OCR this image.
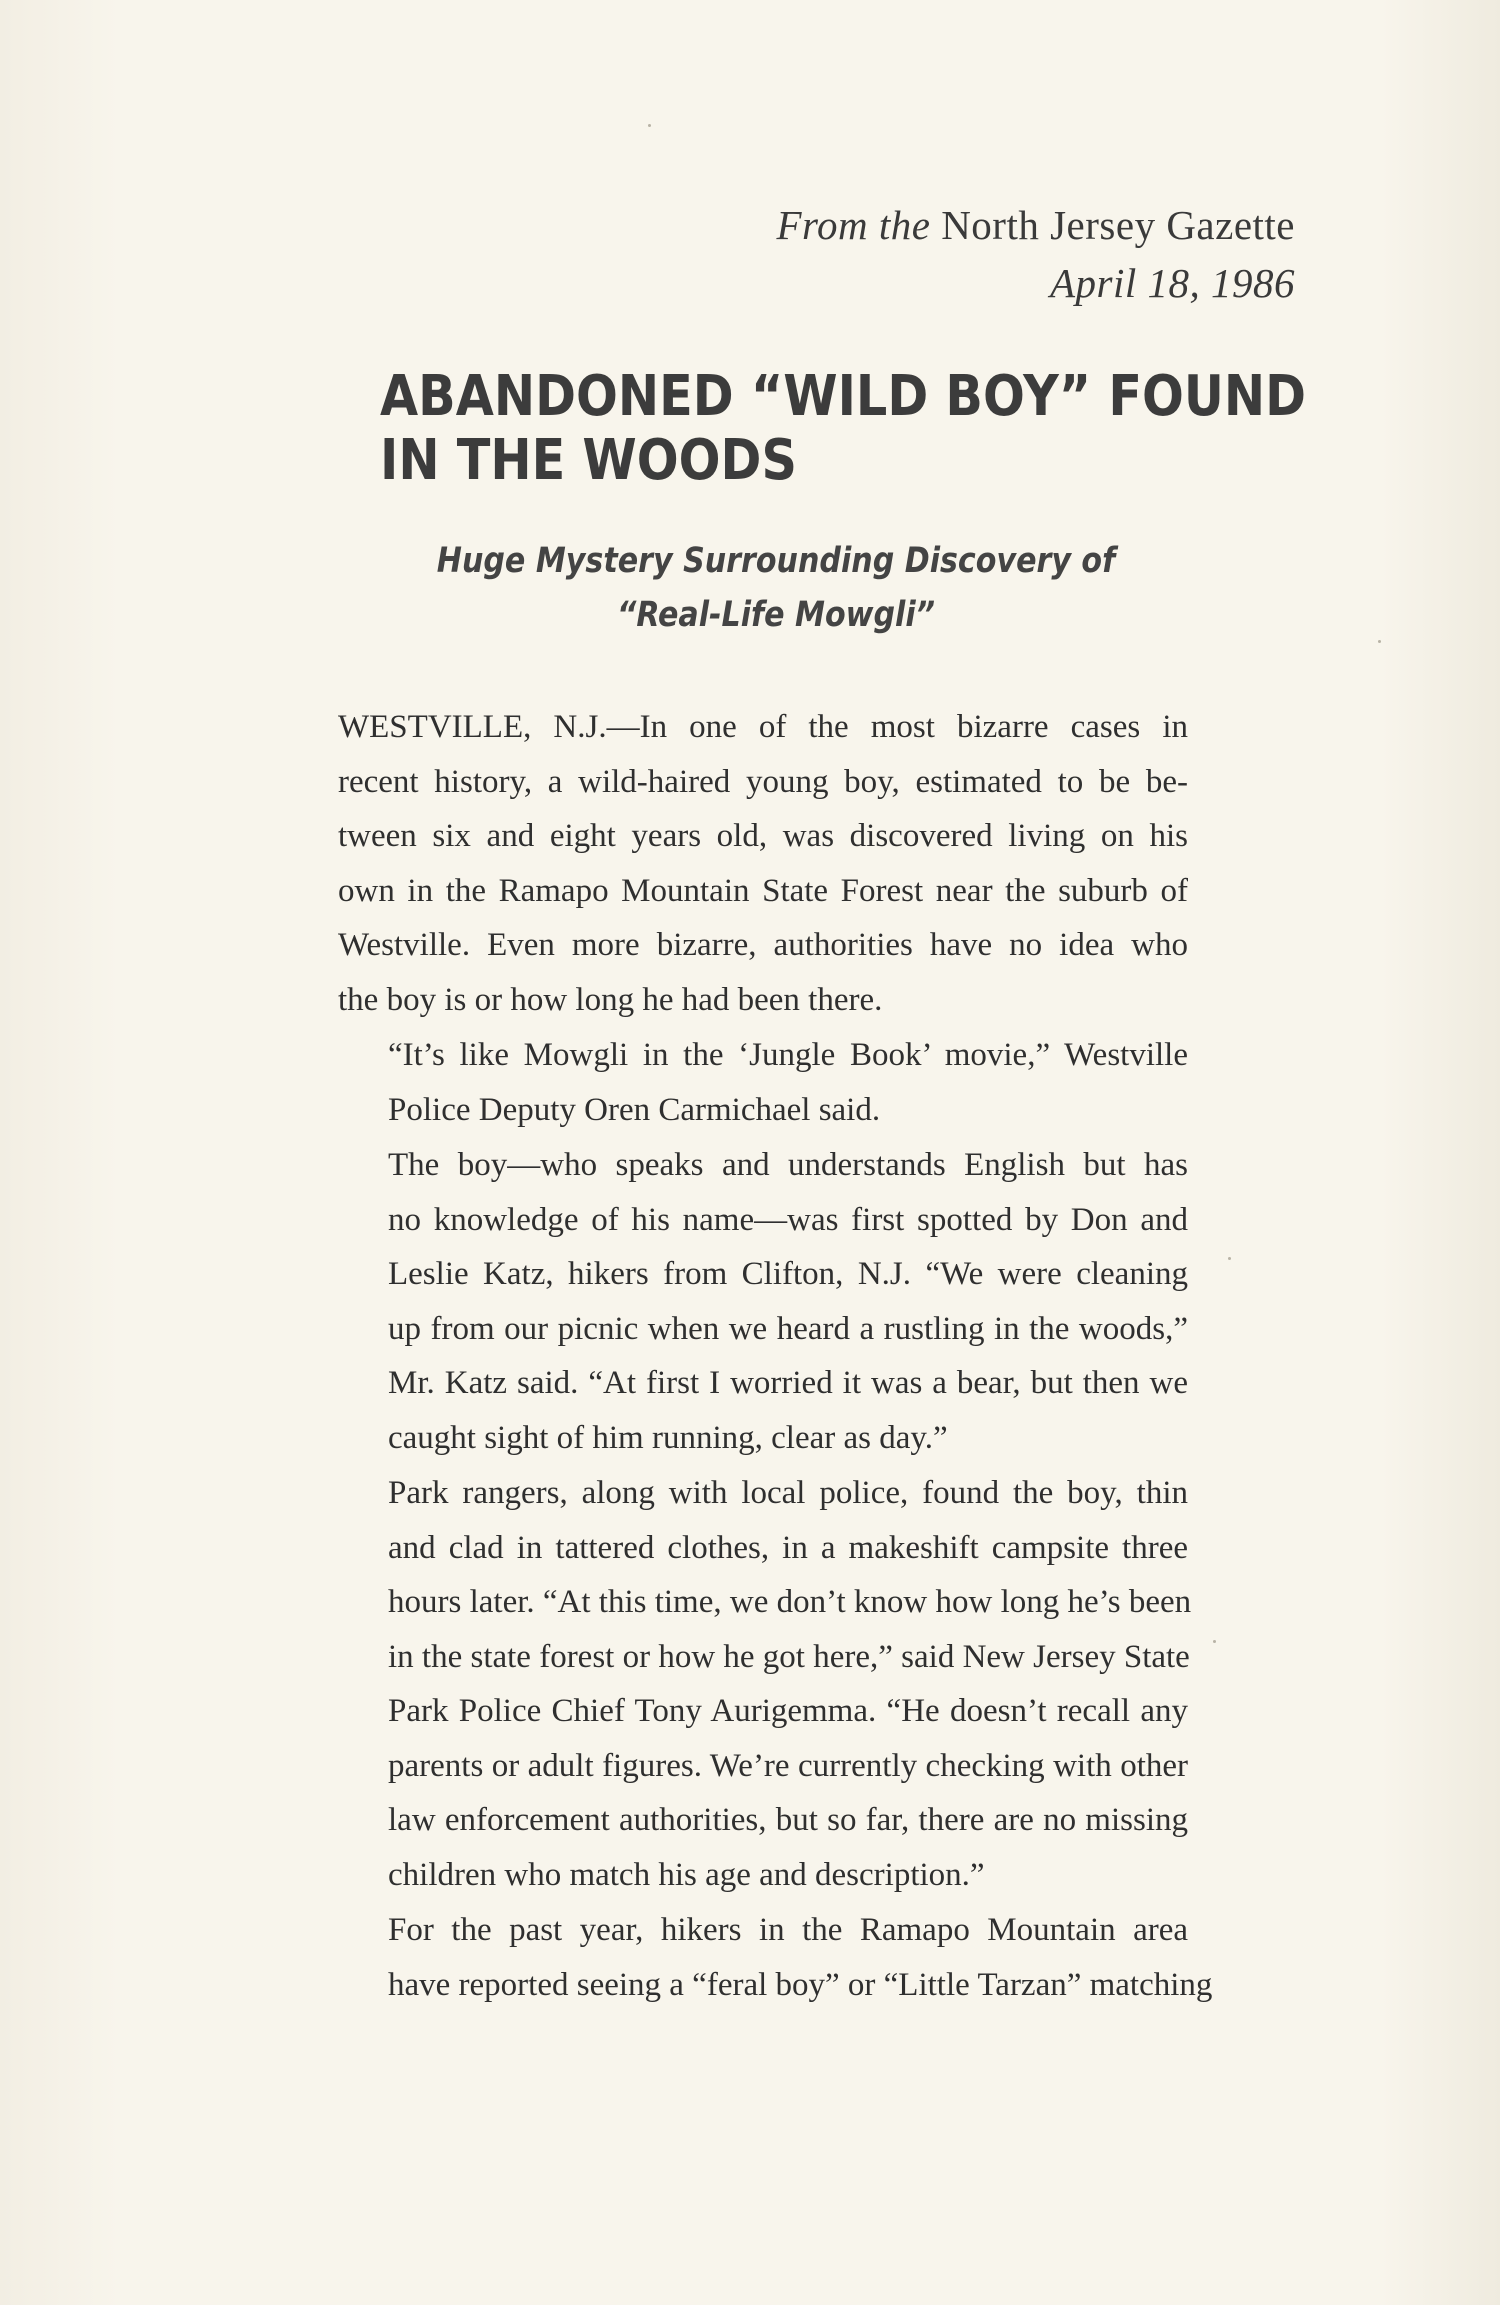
From the North Jersey Gazette
April 18, 1986
ABANDONED “WILD BOY” FOUND
IN THE WOODS
Huge Mystery Surrounding Discovery of
“Real-Life Mowgli”

WESTVILLE, N.J.—In one of the most bizarre cases in
recent history, a wild-haired young boy, estimated to be be-
tween six and eight years old, was discovered living on his
own in the Ramapo Mountain State Forest near the suburb of
Westville. Even more bizarre, authorities have no idea who
the boy is or how long he had been there.

“It’s like Mowgli in the ‘Jungle Book’ movie,” Westville
Police Deputy Oren Carmichael said.

The boy—who speaks and understands English but has
no knowledge of his name—was first spotted by Don and
Leslie Katz, hikers from Clifton, N.J. “We were cleaning
up from our picnic when we heard a rustling in the woods,”
Mr. Katz said. “At first I worried it was a bear, but then we
caught sight of him running, clear as day.”

Park rangers, along with local police, found the boy, thin
and clad in tattered clothes, in a makeshift campsite three
hours later. “At this time, we don’t know how long he’s been
in the state forest or how he got here,” said New Jersey State
Park Police Chief Tony Aurigemma. “He doesn’t recall any
parents or adult figures. We’re currently checking with other
law enforcement authorities, but so far, there are no missing
children who match his age and description.”

For the past year, hikers in the Ramapo Mountain area
have reported seeing a “feral boy” or “Little Tarzan” matching
